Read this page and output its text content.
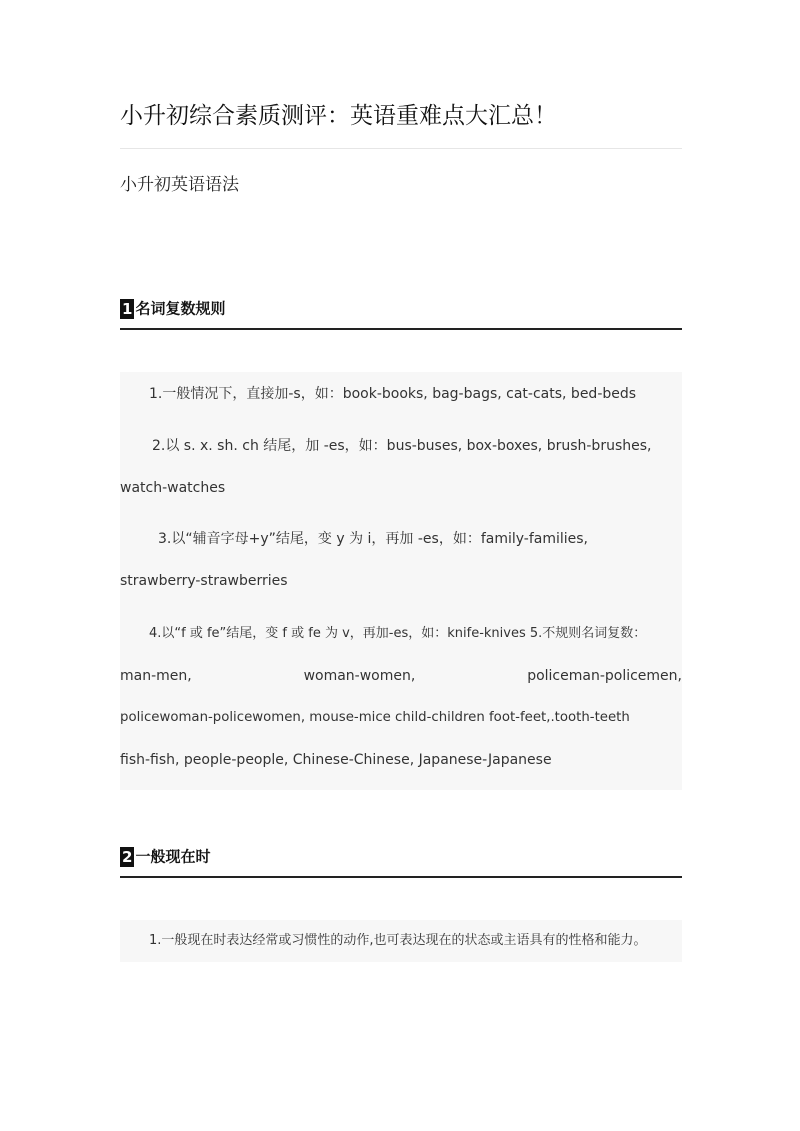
小升初综合素质测评：英语重难点大汇总！
小升初英语语法
1 名词复数规则
1.一般情况下，直接加-s，如：book-books, bag-bags, cat-cats, bed-beds
2.以 s. x. sh. ch 结尾，加 -es，如：bus-buses, box-boxes, brush-brushes,
watch-watches
3.以“辅音字母+y”结尾，变 y 为 i，再加 -es，如：family-families,
strawberry-strawberries
4.以“f 或 fe”结尾，变 f 或 fe 为 v，再加-es，如：knife-knives 5.不规则名词复数：
man-men,	woman-women,	policeman-policemen,
policewoman-policewomen, mouse-mice child-children foot-feet,.tooth-teeth
fish-fish, people-people, Chinese-Chinese, Japanese-Japanese
2 一般现在时
1.一般现在时表达经常或习惯性的动作,也可表达现在的状态或主语具有的性格和能力。
